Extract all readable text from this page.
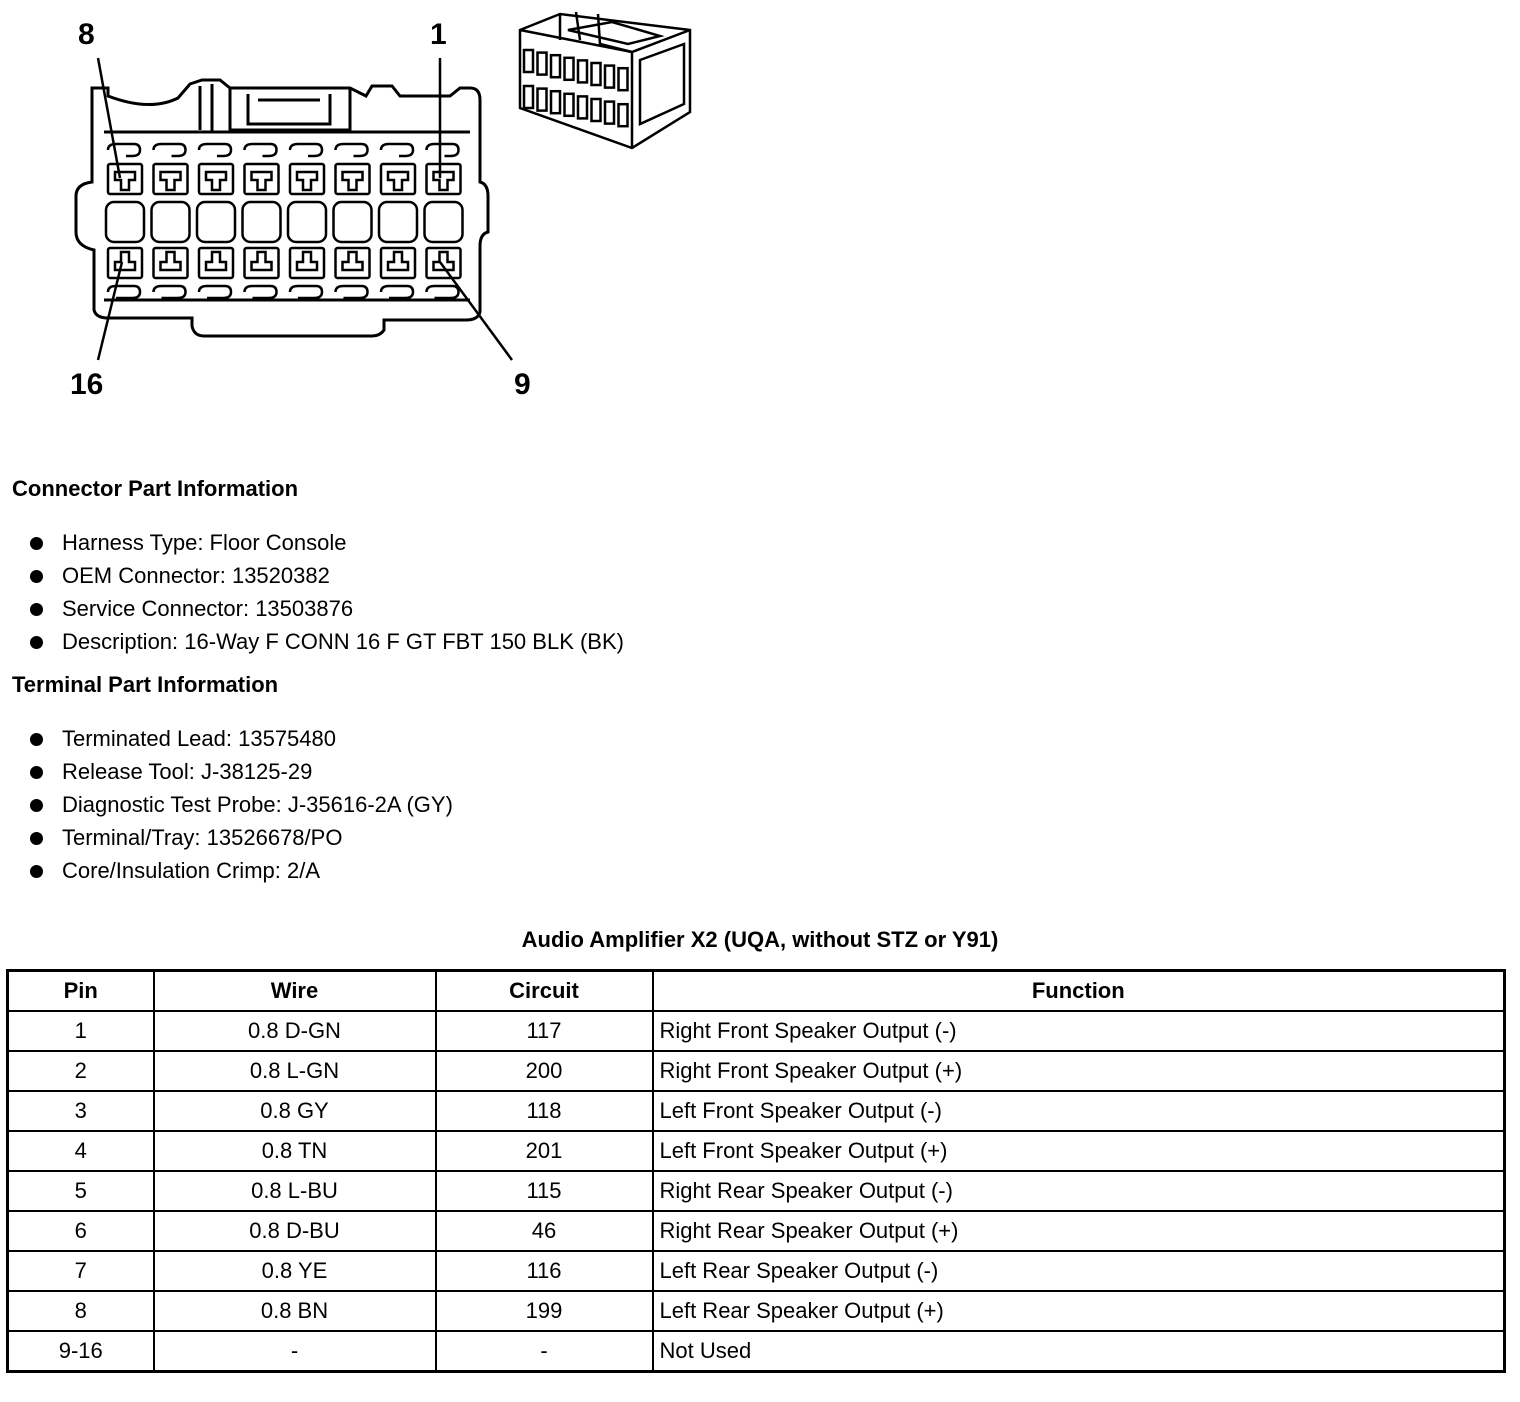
8	1
16	9
Connector Part Information
Harness Type: Floor Console
OEM Connector: 13520382
Service Connector: 13503876
Description: 16-Way F CONN 16 F GT FBT 150 BLK (BK)
Terminal Part Information
Terminated Lead: 13575480
Release Tool: J-38125-29
Diagnostic Test Probe: J-35616-2A (GY)
Terminal/Tray: 13526678/PO
Core/Insulation Crimp: 2/A
Audio Amplifier X2 (UQA, without STZ or Y91)
Pin	Wire	Circuit	Function
1	0.8 D-GN	117	Right Front Speaker Output (-)
2	0.8 L-GN	200	Right Front Speaker Output (+)
3	0.8 GY	118	Left Front Speaker Output (-)
4	0.8 TN	201	Left Front Speaker Output (+)
5	0.8 L-BU	115	Right Rear Speaker Output (-)
6	0.8 D-BU	46	Right Rear Speaker Output (+)
7	0.8 YE	116	Left Rear Speaker Output (-)
8	0.8 BN	199	Left Rear Speaker Output (+)
9-16	-	-	Not Used
